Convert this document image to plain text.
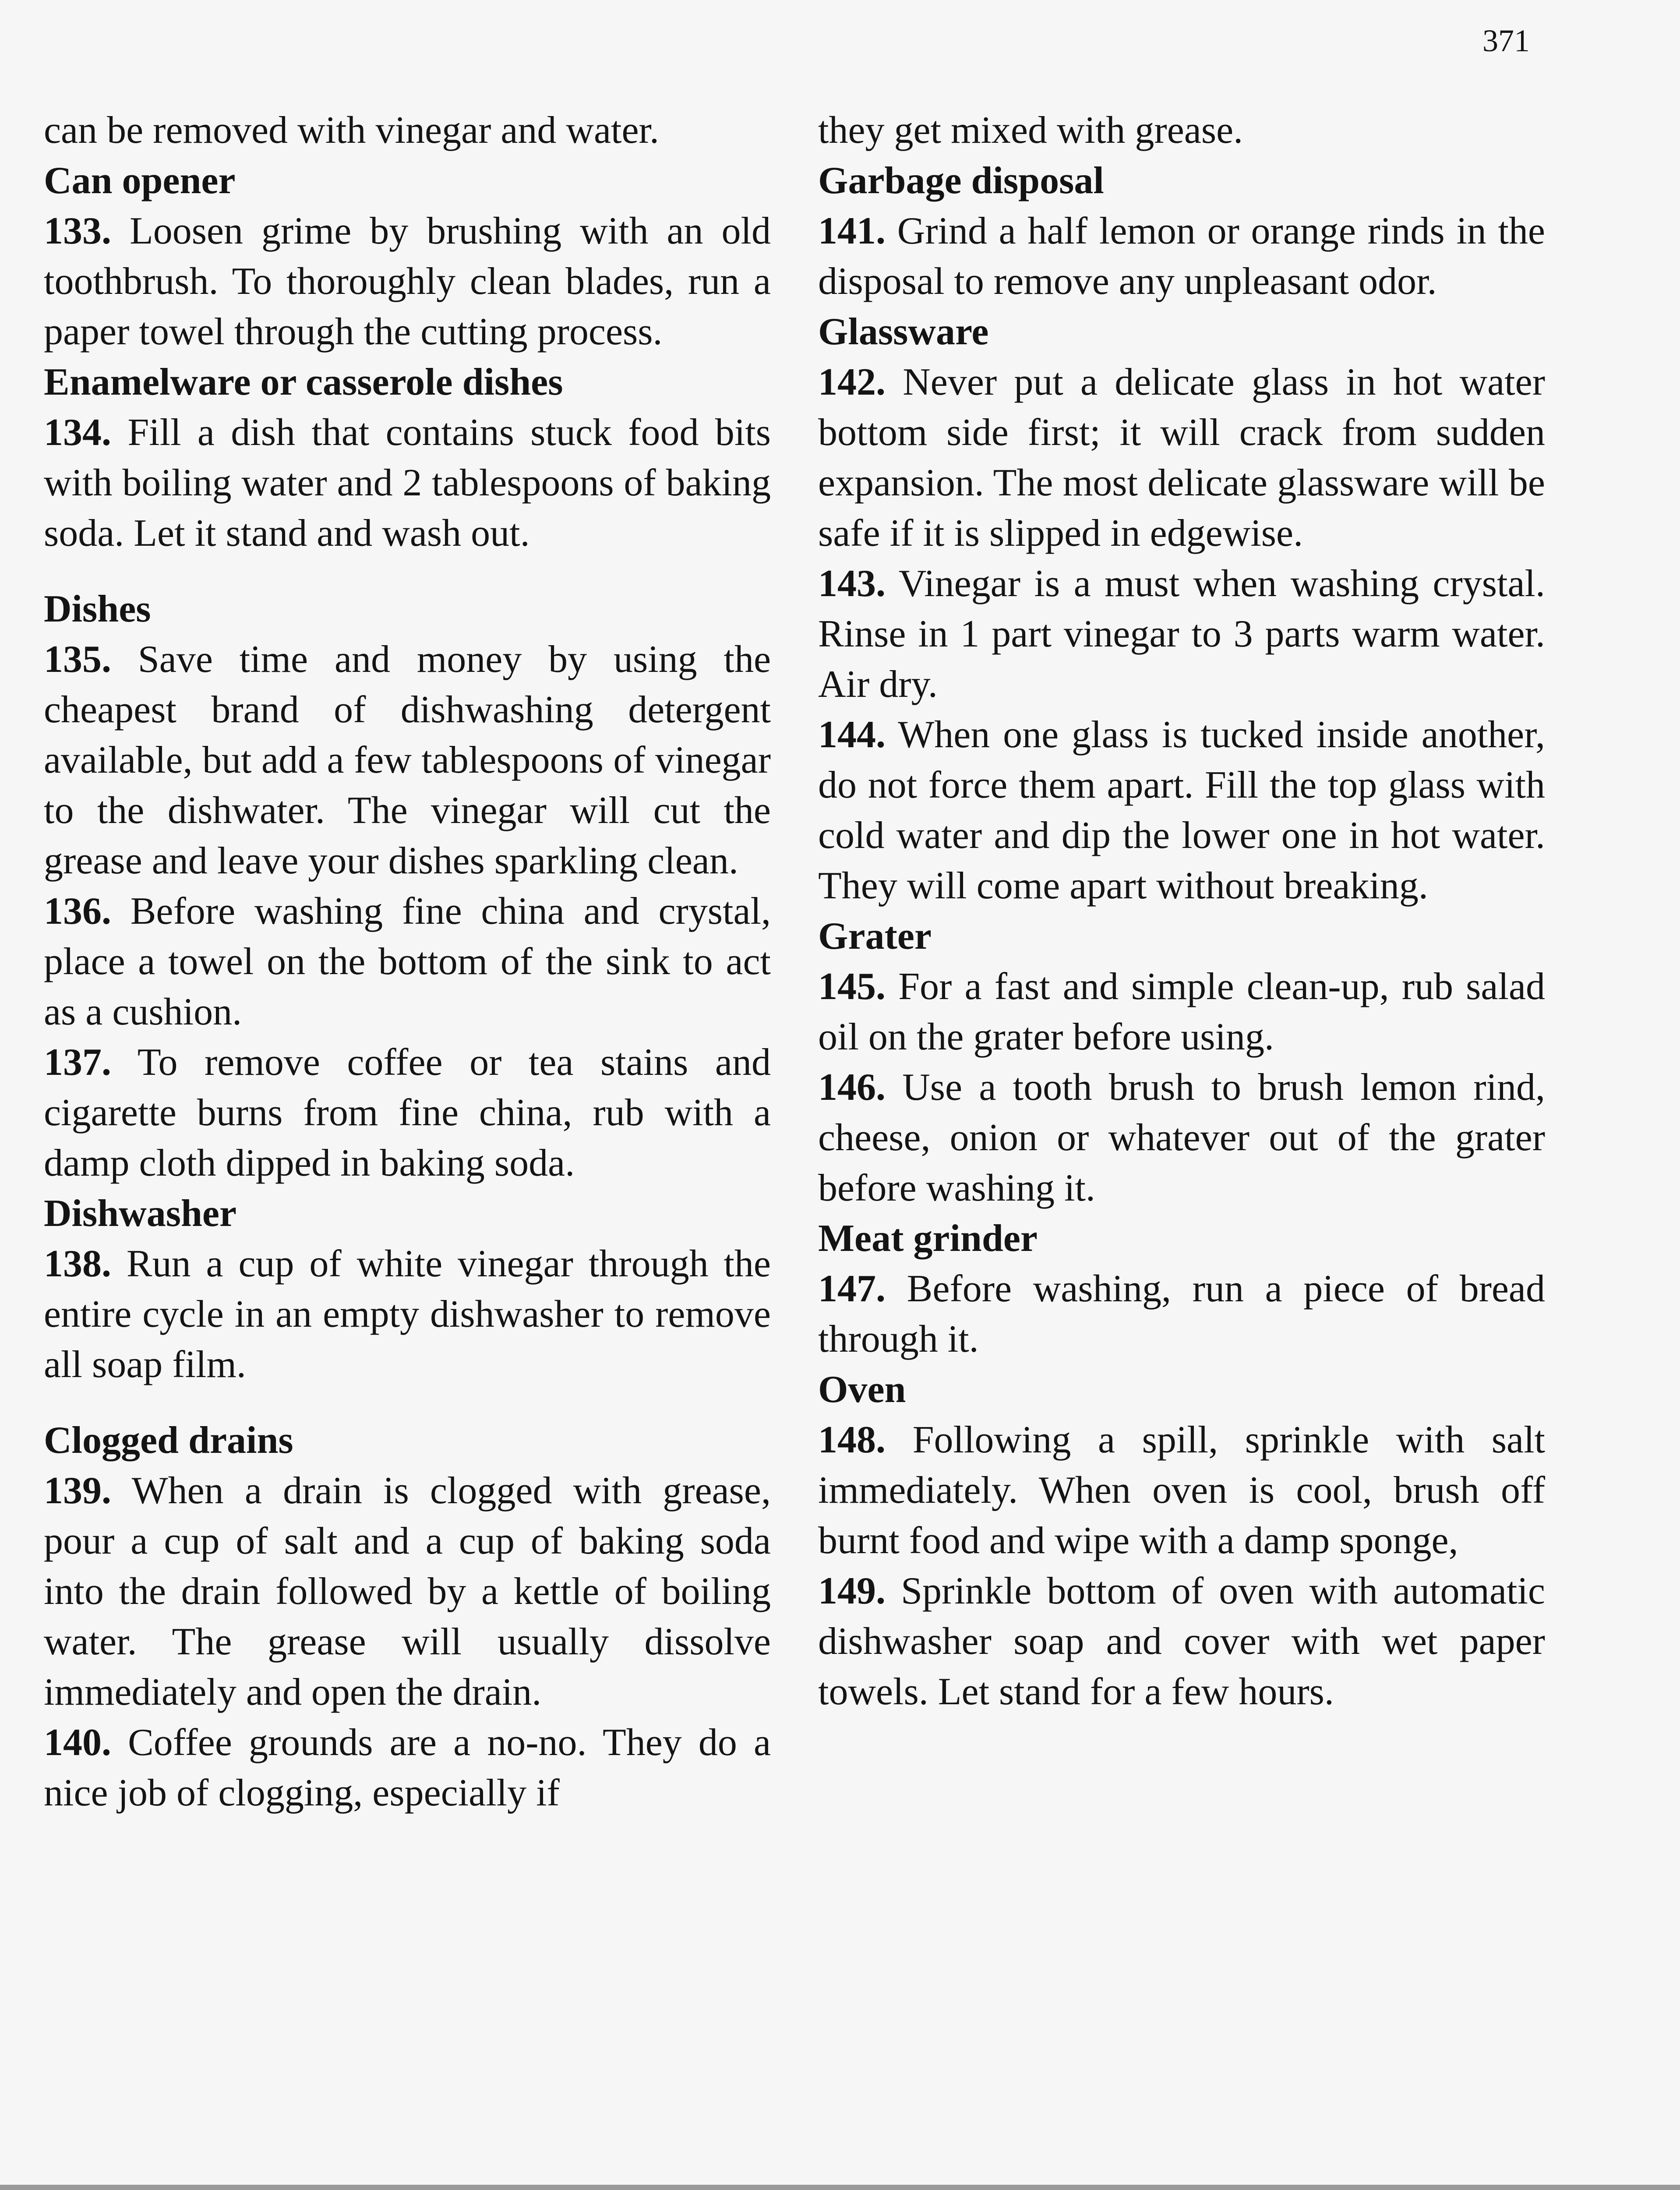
371

can be removed with vinegar and water.

Can opener

133. Loosen grime by brushing with an old toothbrush. To thoroughly clean blades, run a paper towel through the cutting process.

Enamelware or casserole dishes

134. Fill a dish that contains stuck food bits with boiling water and 2 tablespoons of baking soda. Let it stand and wash out.

Dishes

135. Save time and money by using the cheapest brand of dishwashing detergent available, but add a few tablespoons of vinegar to the dishwater. The vinegar will cut the grease and leave your dishes sparkling clean.

136. Before washing fine china and crystal, place a towel on the bottom of the sink to act as a cushion.

137. To remove coffee or tea stains and cigarette burns from fine china, rub with a damp cloth dipped in baking soda.

Dishwasher

138. Run a cup of white vinegar through the entire cycle in an empty dishwasher to remove all soap film.

Clogged drains

139. When a drain is clogged with grease, pour a cup of salt and a cup of baking soda into the drain followed by a kettle of boiling water. The grease will usually dissolve immediately and open the drain.

140. Coffee grounds are a no-no. They do a nice job of clogging, especially if

they get mixed with grease.

Garbage disposal

141. Grind a half lemon or orange rinds in the disposal to remove any unpleasant odor.

Glassware

142. Never put a delicate glass in hot water bottom side first; it will crack from sudden expansion. The most delicate glassware will be safe if it is slipped in edgewise.

143. Vinegar is a must when washing crystal. Rinse in 1 part vinegar to 3 parts warm water. Air dry.

144. When one glass is tucked inside another, do not force them apart. Fill the top glass with cold water and dip the lower one in hot water. They will come apart without breaking.

Grater

145. For a fast and simple clean-up, rub salad oil on the grater before using.

146. Use a tooth brush to brush lemon rind, cheese, onion or whatever out of the grater before washing it.

Meat grinder

147. Before washing, run a piece of bread through it.

Oven

148. Following a spill, sprinkle with salt immediately. When oven is cool, brush off burnt food and wipe with a damp sponge,

149. Sprinkle bottom of oven with automatic dishwasher soap and cover with wet paper towels. Let stand for a few hours.
